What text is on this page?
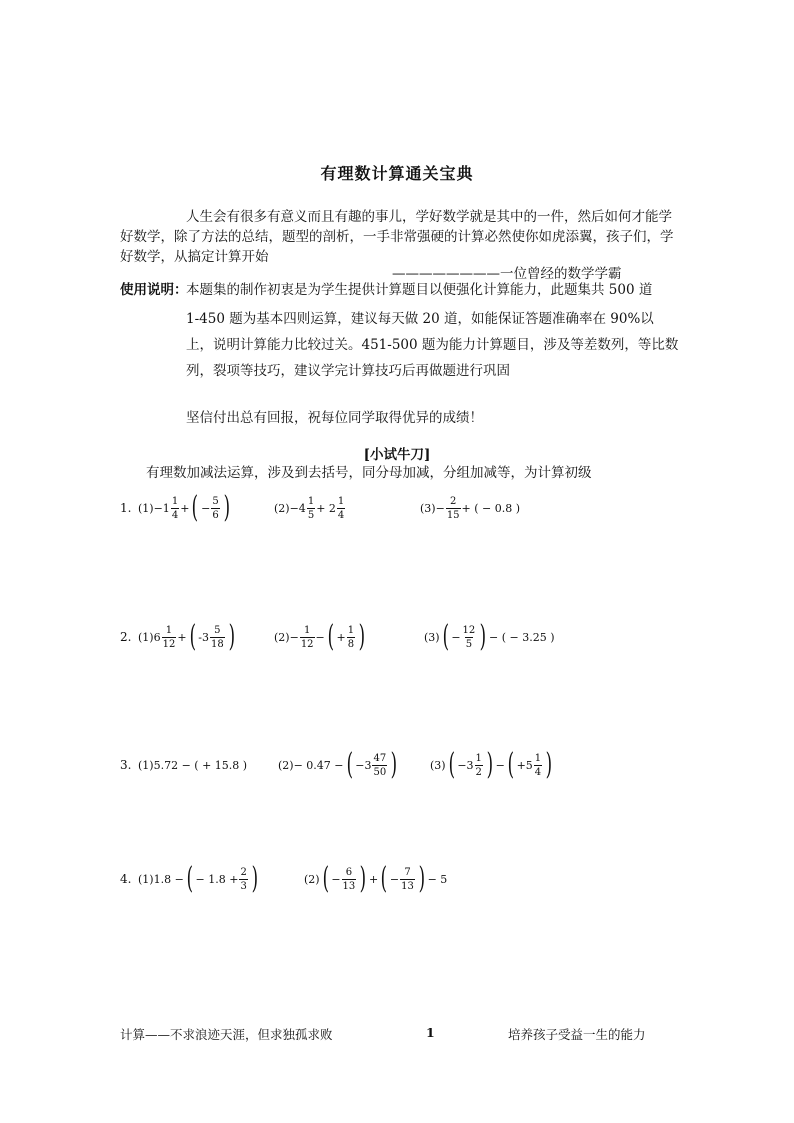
有理数计算通关宝典
人生会有很多有意义而且有趣的事儿，学好数学就是其中的一件，然后如何才能学好数学，除了方法的总结，题型的剖析，一手非常强硬的计算必然使你如虎添翼，孩子们，学好数学，从搞定计算开始
————————一位曾经的数学学霸
使用说明：
本题集的制作初衷是为学生提供计算题目以便强化计算能力，此题集共 500 道
1-450 题为基本四则运算，建议每天做 20 道，如能保证答题准确率在 90%以上，说明计算能力比较过关。451-500 题为能力计算题目，涉及等差数列，等比数列，裂项等技巧，建议学完计算技巧后再做题进行巩固
坚信付出总有回报，祝每位同学取得优异的成绩！
[小试牛刀]
有理数加减法运算，涉及到去括号，同分母加减，分组加减等，为计算初级
1. $(1) -1 \frac{1}{4}$ + ( − $\frac{5}{6}$ )	$(2) -4 \frac{1}{5} + 2 \frac{1}{4}$	$(3) - \frac{2}{15}$ + ( − 0.8 )
2. (1) $6 \frac{1}{12}$ + ( $-3 \frac{5}{18}$ )	$(2) - \frac{1}{12}$ − ( + $\frac{1}{8}$ )	(3) ( − $\frac{12}{5}$ ) − ( − 3.25 )
3. (1) 5.72 − ( + 15.8 )	(2) − 0.47 − ( $-3 \frac{47}{50}$ )	(3) ( $-3 \frac{1}{2}$ ) − ( $+5 \frac{1}{4}$ )
4. (1) 1.8 − ( − $1.8 + \frac{2}{3}$ )	(2) ( − $\frac{6}{13}$ ) + ( − $\frac{7}{13}$ ) − 5
计算——不求浪迹天涯，但求独孤求败	1	培养孩子受益一生的能力
